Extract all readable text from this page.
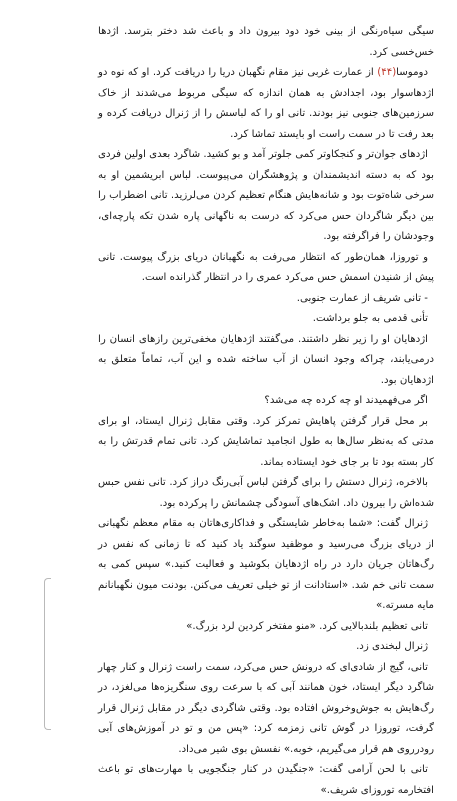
سیگی سیاه‌رنگی از بینی خود دود بیرون داد و باعث شد دختر بترسد. اژدها خس‌خسی کرد.

دوموسا(۴۴) از عمارت غربی نیز مقام نگهبان دریا را دریافت کرد. او که نوه دو اژدهاسوار بود، اجدادش به همان اندازه که سیگی مربوط می‌شدند از خاک سرزمین‌های جنوبی نیز بودند. تانی او را که لباسش را از ژنرال دریافت کرده و بعد رفت تا در سمت راست او بایستد تماشا کرد.

اژدهای جوان‌تر و کنجکاوتر کمی جلوتر آمد و بو کشید. شاگرد بعدی اولین فردی بود که به دسته اندیشمندان و پژوهشگران می‌پیوست. لباس ابریشمین او به سرخی شاه‌توت بود و شانه‌هایش هنگام تعظیم کردن می‌لرزید. تانی اضطراب را بین دیگر شاگردان حس می‌کرد که درست به ناگهانی پاره شدن تکه پارچه‌ای، وجودشان را فراگرفته بود.

و توروزا، همان‌طور که انتظار می‌رفت به نگهبانان دریای بزرگ پیوست. تانی پیش از شنیدن اسمش حس می‌کرد عمری را در انتظار گذرانده است.

- تانی شریف از عمارت جنوبی.

تأنی قدمی به جلو برداشت.

اژدهایان او را زیر نظر داشتند. می‌گفتند اژدهایان مخفی‌ترین رازهای انسان را درمی‌یابند، چراکه وجود انسان از آب ساخته شده و این آب، تماماً متعلق به اژدهایان بود.

اگر می‌فهمیدند او چه کرده چه می‌شد؟

بر محل قرار گرفتن پاهایش تمرکز کرد. وقتی مقابل ژنرال ایستاد، او برای مدتی که به‌نظر سال‌ها به طول انجامید تماشایش کرد. تانی تمام قدرتش را به کار بسته بود تا بر جای خود ایستاده بماند.

بالاخره، ژنرال دستش را برای گرفتن لباس آبی‌رنگ دراز کرد. تانی نفس حبس شده‌اش را بیرون داد. اشک‌های آسودگی چشمانش را پرکرده بود.

ژنرال گفت: «شما به‌خاطر شایستگی و فداکاری‌هاتان به مقام معظم نگهبانی از دریای بزرگ می‌رسید و موظفید سوگند یاد کنید که تا زمانی که نفس در رگ‌هاتان جریان دارد در راه اژدهایان بکوشید و فعالیت کنید.» سپس کمی به سمت تانی خم شد. «استادانت از تو خیلی تعریف می‌کنن. بودنت میون نگهبانانم مایه مسرته.»

تانی تعظیم بلندبالایی کرد. «منو مفتخر کردین لرد بزرگ.»

ژنرال لبخندی زد.

تانی، گیج از شادی‌ای که درونش حس می‌کرد، سمت راست ژنرال و کنار چهار شاگرد دیگر ایستاد، خون همانند آبی که با سرعت روی سنگریزه‌ها می‌لغزد، در رگ‌هایش به جوش‌وخروش افتاده بود. وقتی شاگردی دیگر در مقابل ژنرال قرار گرفت، توروزا در گوش تانی زمزمه کرد: «پس من و تو در آموزش‌های آبی رودرروی هم قرار می‌گیریم، خوبه.» نفسش بوی شیر می‌داد.

تانی با لحن آرامی گفت: «جنگیدن در کنار جنگجویی با مهارت‌های تو باعث افتخارمه توروزای شریف.»
